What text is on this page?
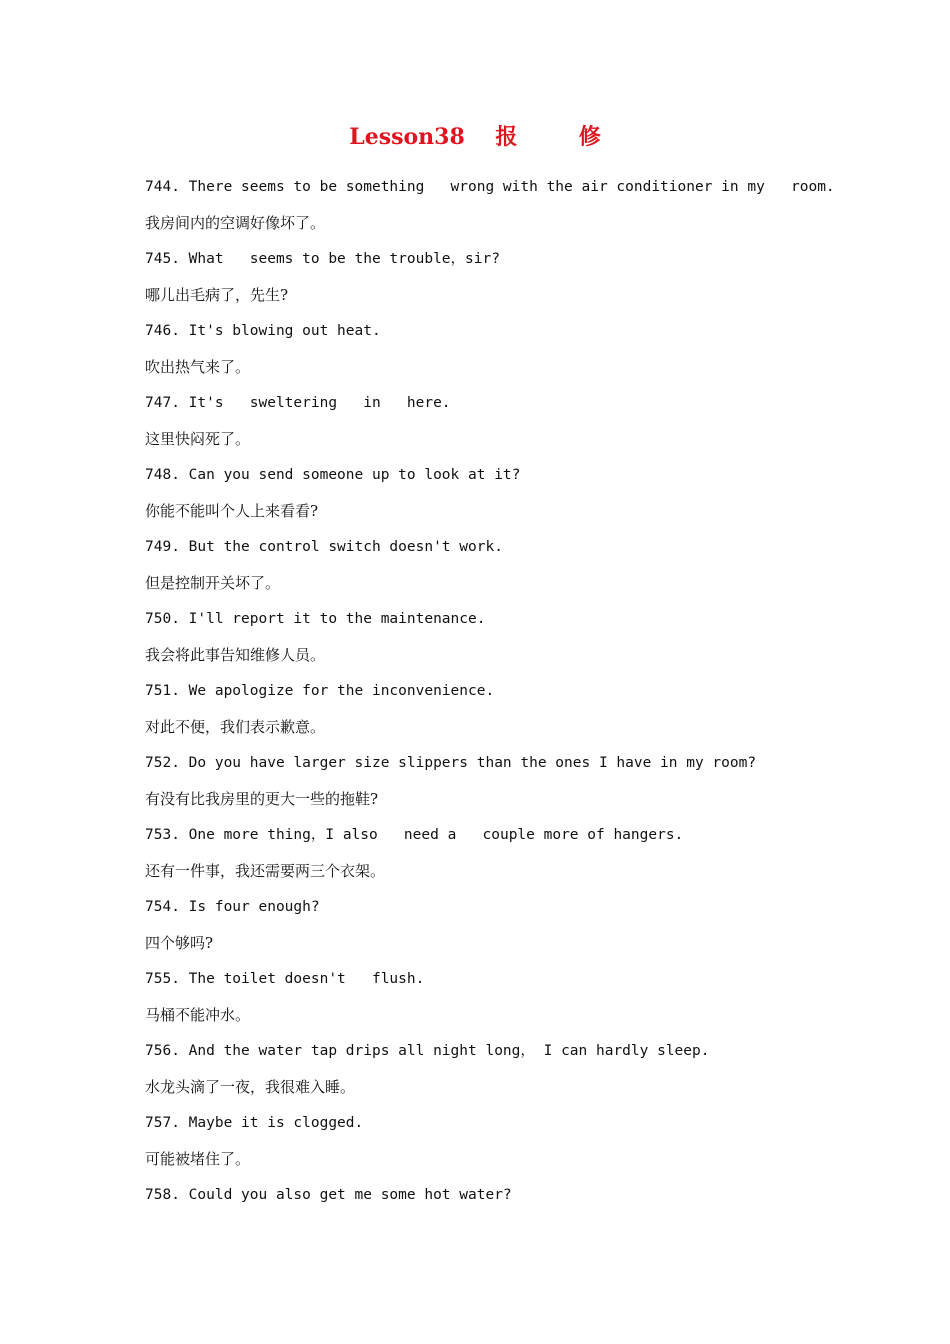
Lesson38 报	修
744. There seems to be something   wrong with the air conditioner in my   room.
我房间内的空调好像坏了。
745. What   seems to be the trouble，sir?
哪儿出毛病了，先生?
746. It's blowing out heat.
吹出热气来了。
747. It's   sweltering   in   here.
这里快闷死了。
748. Can you send someone up to look at it?
你能不能叫个人上来看看?
749. But the control switch doesn't work.
但是控制开关坏了。
750. I'll report it to the maintenance.
我会将此事告知维修人员。
751. We apologize for the inconvenience.
对此不便，我们表示歉意。
752. Do you have larger size slippers than the ones I have in my room?
有没有比我房里的更大一些的拖鞋?
753. One more thing，I also   need a   couple more of hangers.
还有一件事，我还需要两三个衣架。
754. Is four enough?
四个够吗?
755. The toilet doesn't   flush.
马桶不能冲水。
756. And the water tap drips all night long， I can hardly sleep.
水龙头滴了一夜，我很难入睡。
757. Maybe it is clogged.
可能被堵住了。
758. Could you also get me some hot water?
